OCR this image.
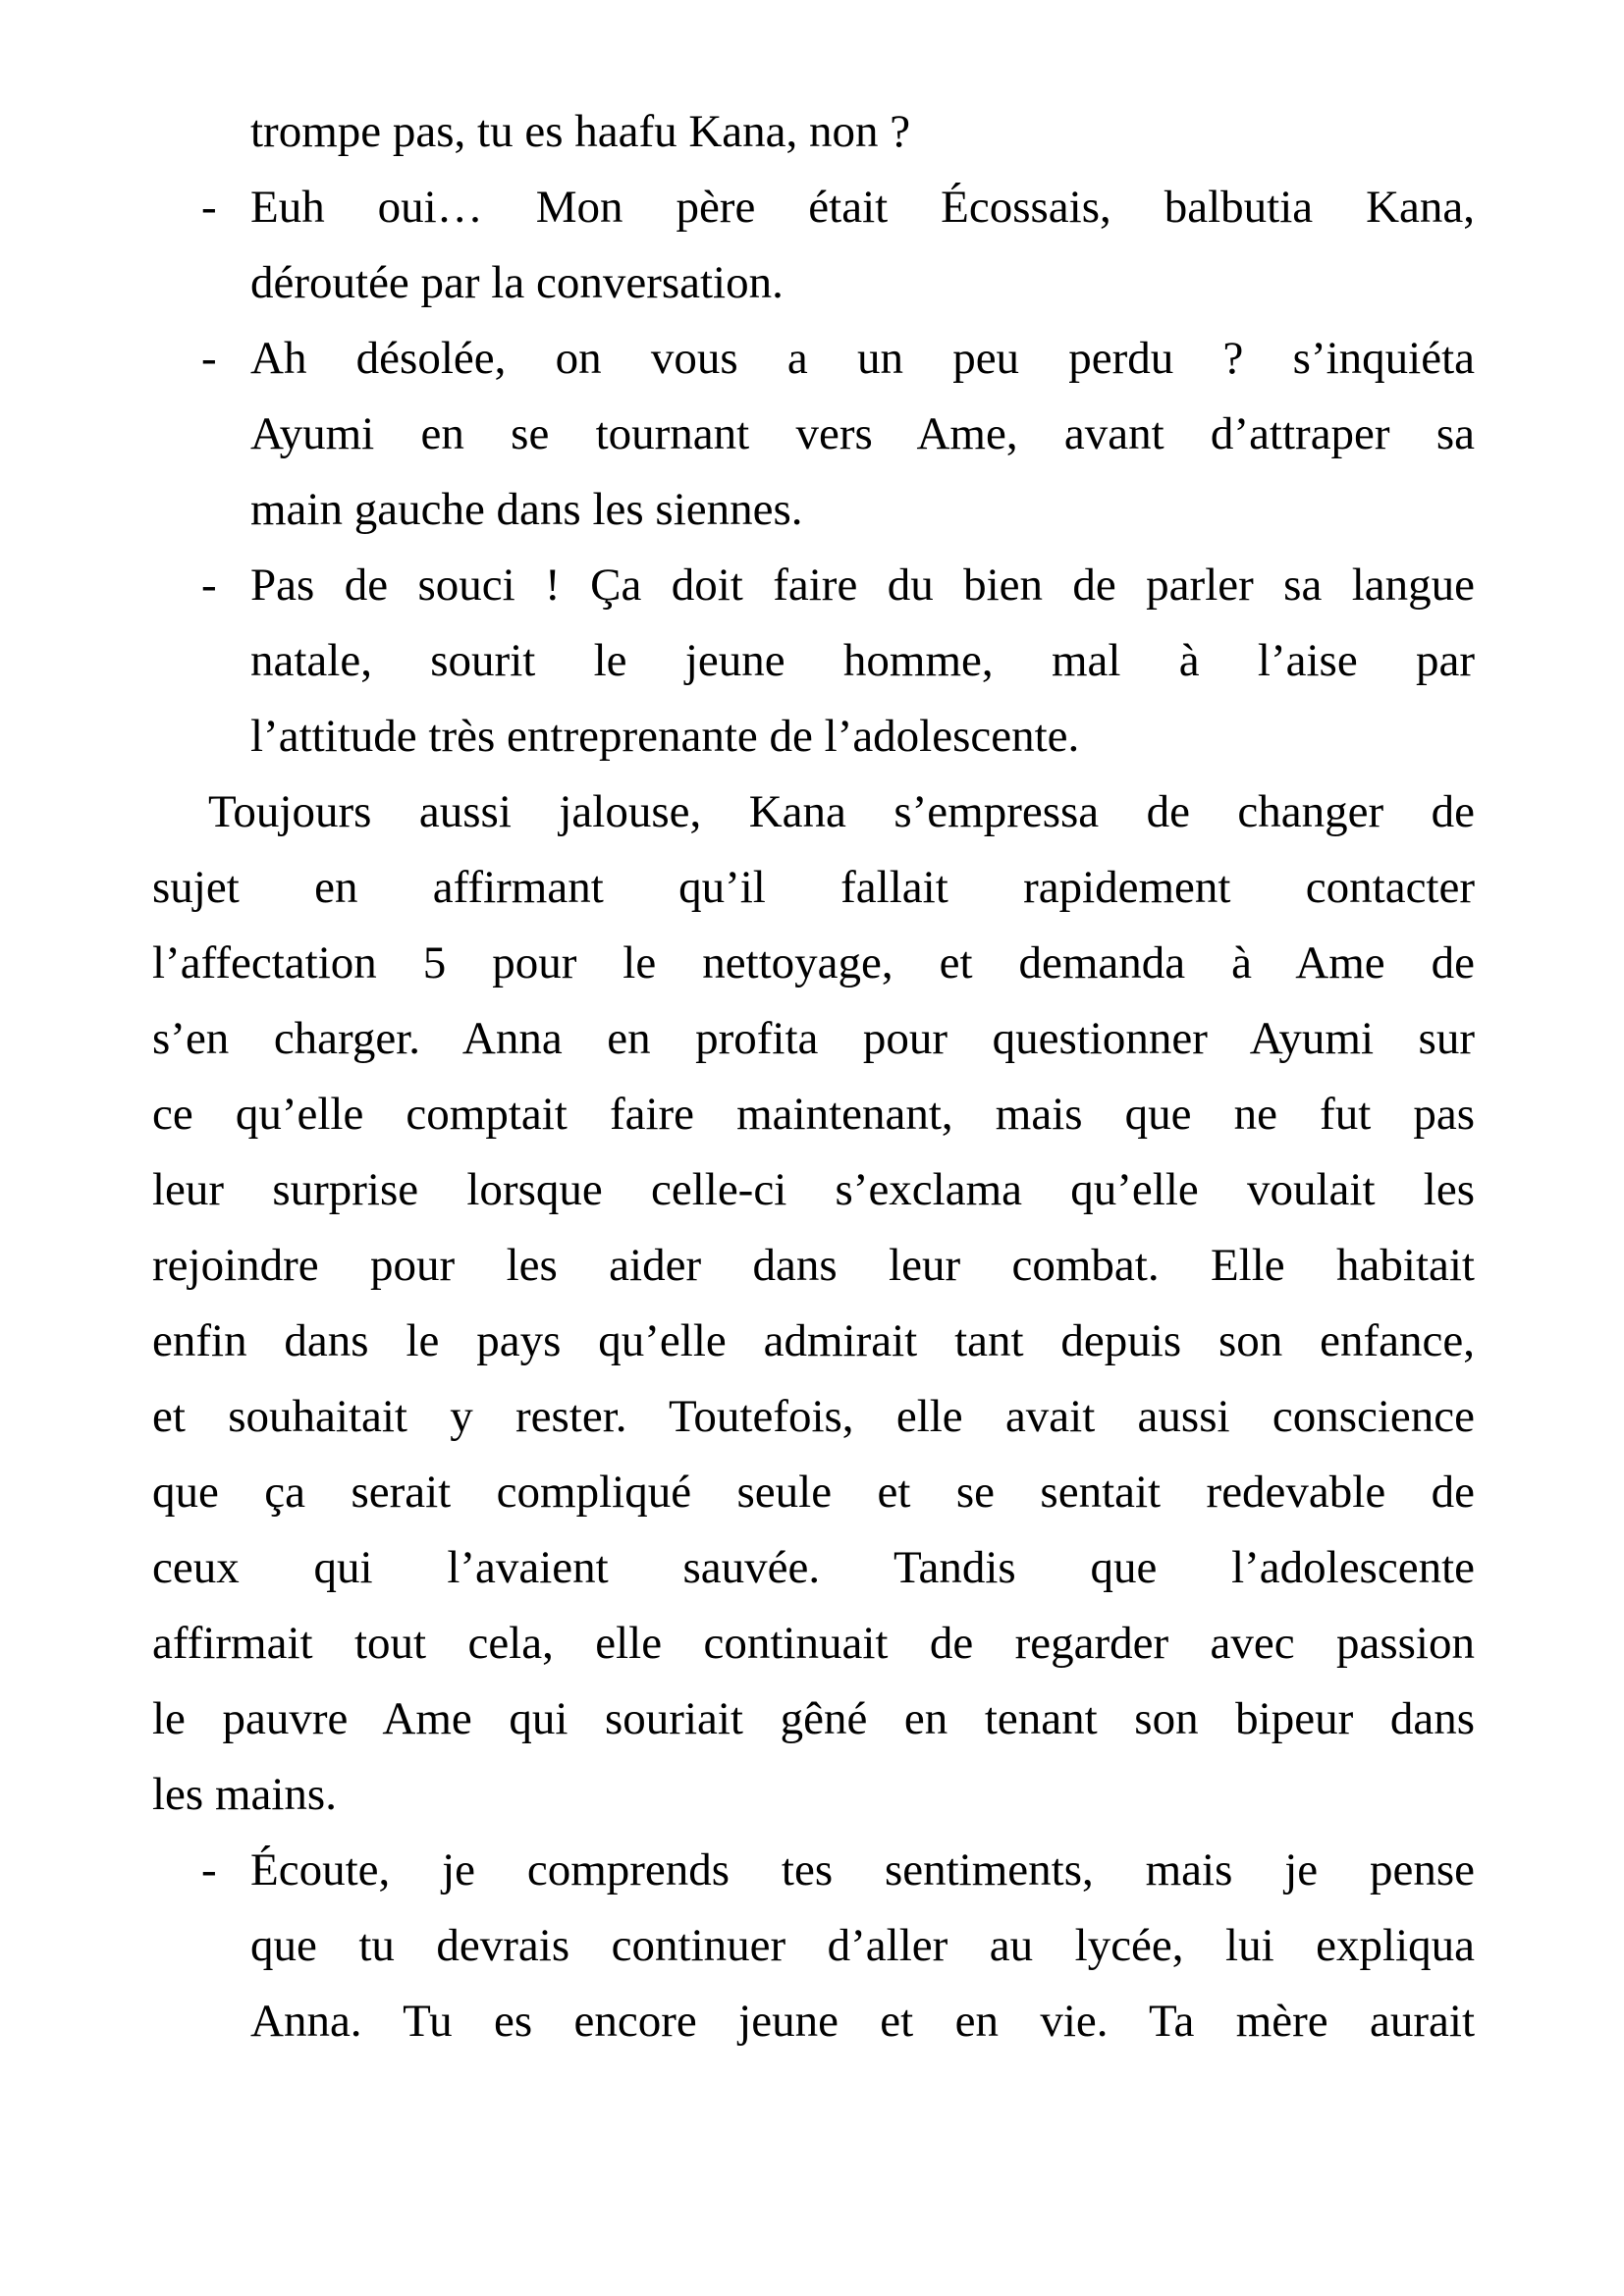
trompe pas, tu es haafu Kana, non ?
- Euh oui… Mon père était Écossais, balbutia Kana,
déroutée par la conversation.
- Ah désolée, on vous a un peu perdu ? s’inquiéta
Ayumi en se tournant vers Ame, avant d’attraper sa
main gauche dans les siennes.
- Pas de souci ! Ça doit faire du bien de parler sa langue
natale, sourit le jeune homme, mal à l’aise par
l’attitude très entreprenante de l’adolescente.
Toujours aussi jalouse, Kana s’empressa de changer de
sujet en affirmant qu’il fallait rapidement contacter
l’affectation 5 pour le nettoyage, et demanda à Ame de
s’en charger. Anna en profita pour questionner Ayumi sur
ce qu’elle comptait faire maintenant, mais que ne fut pas
leur surprise lorsque celle-ci s’exclama qu’elle voulait les
rejoindre pour les aider dans leur combat. Elle habitait
enfin dans le pays qu’elle admirait tant depuis son enfance,
et souhaitait y rester. Toutefois, elle avait aussi conscience
que ça serait compliqué seule et se sentait redevable de
ceux qui l’avaient sauvée. Tandis que l’adolescente
affirmait tout cela, elle continuait de regarder avec passion
le pauvre Ame qui souriait gêné en tenant son bipeur dans
les mains.
- Écoute, je comprends tes sentiments, mais je pense
que tu devrais continuer d’aller au lycée, lui expliqua
Anna. Tu es encore jeune et en vie. Ta mère aurait
